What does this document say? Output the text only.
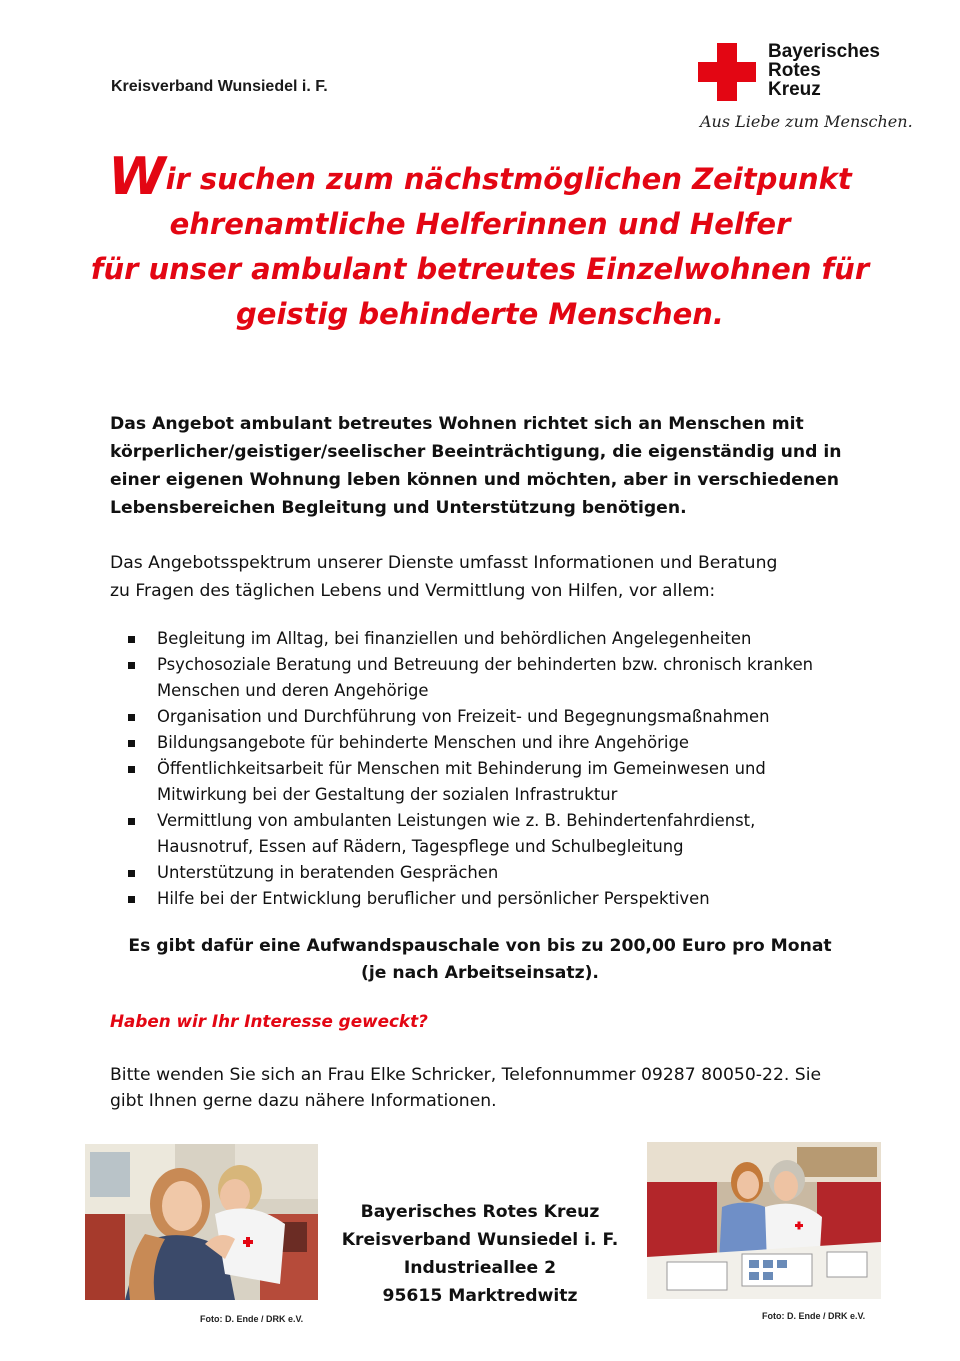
Kreisverband Wunsiedel i. F.
Bayerisches
Rotes
Kreuz
Aus Liebe zum Menschen.
Wir suchen zum nächstmöglichen Zeitpunkt
ehrenamtliche Helferinnen und Helfer
für unser ambulant betreutes Einzelwohnen für
geistig behinderte Menschen.
Das Angebot ambulant betreutes Wohnen richtet sich an Menschen mit
körperlicher/geistiger/seelischer Beeinträchtigung, die eigenständig und in
einer eigenen Wohnung leben können und möchten, aber in verschiedenen
Lebensbereichen Begleitung und Unterstützung benötigen.
Das Angebotsspektrum unserer Dienste umfasst Informationen und Beratung
zu Fragen des täglichen Lebens und Vermittlung von Hilfen, vor allem:
Begleitung im Alltag, bei finanziellen und behördlichen Angelegenheiten
Psychosoziale Beratung und Betreuung der behinderten bzw. chronisch kranken
Menschen und deren Angehörige
Organisation und Durchführung von Freizeit- und Begegnungsmaßnahmen
Bildungsangebote für behinderte Menschen und ihre Angehörige
Öffentlichkeitsarbeit für Menschen mit Behinderung im Gemeinwesen und
Mitwirkung bei der Gestaltung der sozialen Infrastruktur
Vermittlung von ambulanten Leistungen wie z. B. Behindertenfahrdienst,
Hausnotruf, Essen auf Rädern, Tagespflege und Schulbegleitung
Unterstützung in beratenden Gesprächen
Hilfe bei der Entwicklung beruflicher und persönlicher Perspektiven
Es gibt dafür eine Aufwandspauschale von bis zu 200,00 Euro pro Monat
(je nach Arbeitseinsatz).
Haben wir Ihr Interesse geweckt?
Bitte wenden Sie sich an Frau Elke Schricker, Telefonnummer 09287 80050-22. Sie
gibt Ihnen gerne dazu nähere Informationen.
Foto: D. Ende / DRK e.V.
Bayerisches Rotes Kreuz
Kreisverband Wunsiedel i. F.
Industrieallee 2
95615 Marktredwitz
Foto: D. Ende / DRK e.V.
